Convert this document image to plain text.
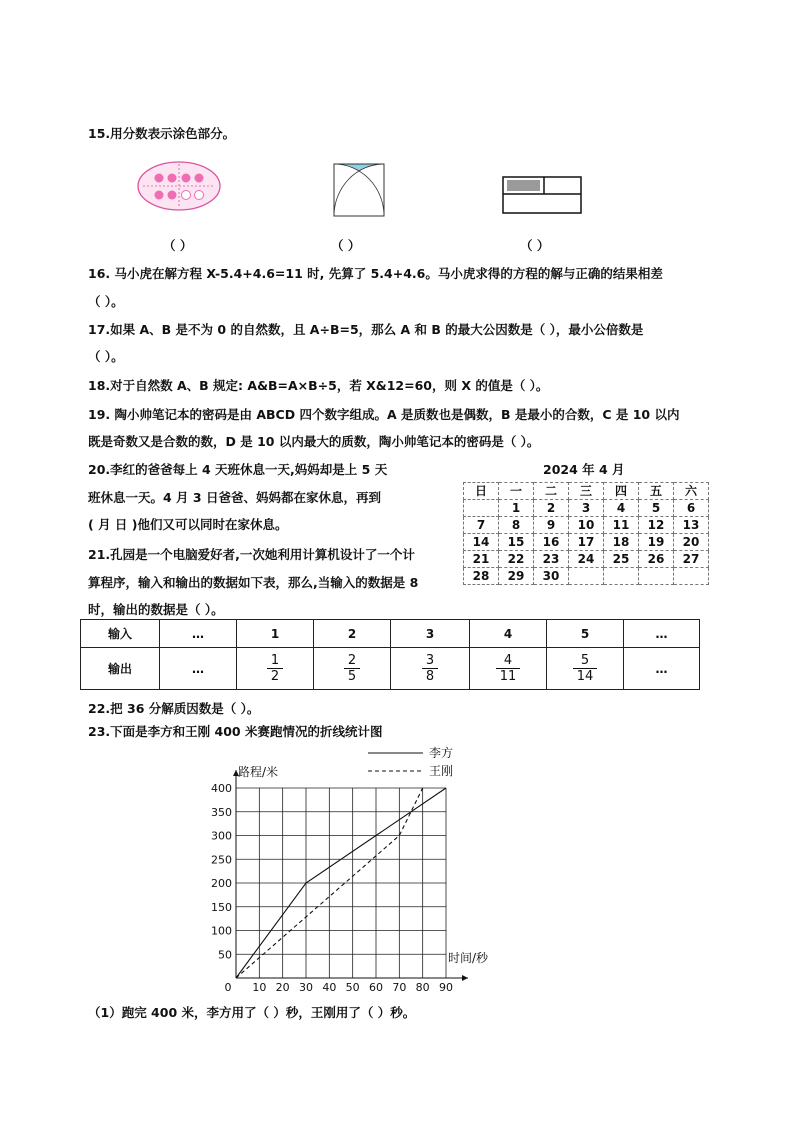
15.用分数表示涂色部分。
（ ）	（ ）	（ ）
16. 马小虎在解方程 X-5.4+4.6=11 时, 先算了 5.4+4.6。马小虎求得的方程的解与正确的结果相差
（ ）。
17.如果 A、B 是不为 0 的自然数，且 A÷B=5，那么 A 和 B 的最大公因数是（ ），最小公倍数是
（ ）。
18.对于自然数 A、B 规定: A&B=A×B÷5，若 X&12=60，则 X 的值是（ ）。
19. 陶小帅笔记本的密码是由 ABCD 四个数字组成。A 是质数也是偶数，B 是最小的合数，C 是 10 以内
既是奇数又是合数的数，D 是 10 以内最大的质数，陶小帅笔记本的密码是（ ）。
20.李红的爸爸每上 4 天班休息一天,妈妈却是上 5 天
班休息一天。4 月 3 日爸爸、妈妈都在家休息，再到
( 月 日 )他们又可以同时在家休息。
2024 年 4 月
日	一	二	三	四	五	六
	1	2	3	4	5	6
7	8	9	10	11	12	13
14	15	16	17	18	19	20
21	22	23	24	25	26	27
28	29	30				
21.孔园是一个电脑爱好者,一次她利用计算机设计了一个计
算程序，输入和输出的数据如下表，那么,当输入的数据是 8
时，输出的数据是（ ）。
输入	…	1	2	3	4	5	…
输出	…	$\frac{1}{2}$	$\frac{2}{5}$	$\frac{3}{8}$	$\frac{4}{11}$	$\frac{5}{14}$	…
22.把 36 分解质因数是（ ）。
23.下面是李方和王刚 400 米赛跑情况的折线统计图
0 10 20 30 40 50 60 70 80 90
50
100
150
200
250
300
350
400
路程/米
时间/秒
李方
王刚
（1）跑完 400 米，李方用了（ ）秒，王刚用了（ ）秒。
